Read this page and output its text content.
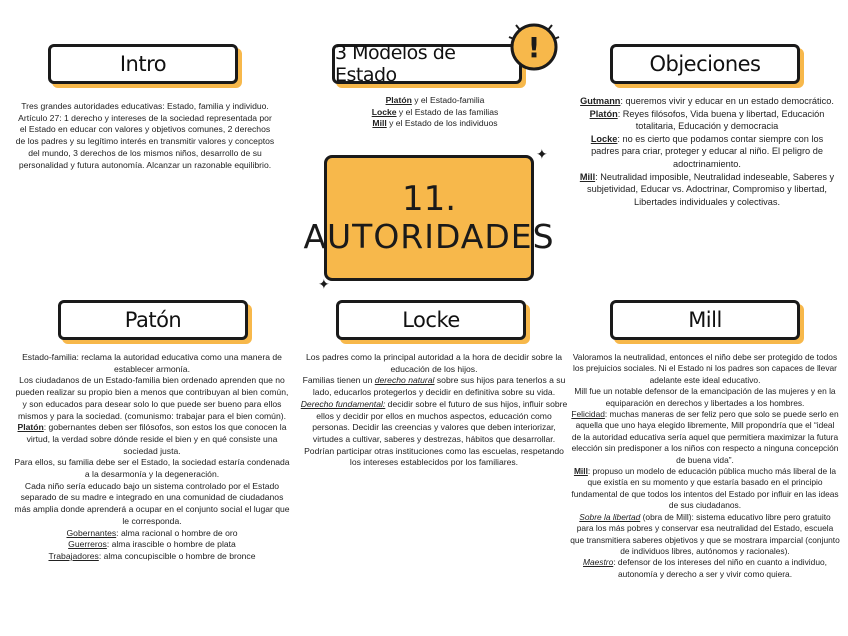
Intro

Tres grandes autoridades educativas: Estado, familia y individuo.

Artículo 27: 1 derecho y intereses de la sociedad representada por el Estado en educar con valores y objetivos comunes, 2 derechos de los padres y su legítimo interés en transmitir valores y conceptos del mundo, 3 derechos de los mismos niños, desarrollo de su personalidad y futura autonomía. Alcanzar un razonable equilibrio.

3 Modelos de Estado
!

Platón y el Estado-familia

Locke y el Estado de las familias

Mill y el Estado de los individuos

Objeciones

Gutmann: queremos vivir y educar en un estado democrático.

Platón: Reyes filósofos, Vida buena y libertad, Educación totalitaria, Educación y democracia

Locke: no es cierto que podamos contar siempre con los padres para criar, proteger y educar al niño. El peligro de adoctrinamiento.

Mill: Neutralidad imposible, Neutralidad indeseable, Saberes y subjetividad, Educar vs. Adoctrinar, Compromiso y libertad, Libertades individuales y colectivas.

11.
AUTORIDADES
✦
✦
Patón

Estado-familia: reclama la autoridad educativa como una manera de establecer armonía.

Los ciudadanos de un Estado-familia bien ordenado aprenden que no pueden realizar su propio bien a menos que contribuyan al bien común, y son educados para desear solo lo que puede ser bueno para ellos mismos y para la sociedad. (comunismo: trabajar para el bien común).

Platón: gobernantes deben ser filósofos, son estos los que conocen la virtud, la verdad sobre dónde reside el bien y en qué consiste una sociedad justa.

Para ellos, su familia debe ser el Estado, la sociedad estaría condenada a la desarmonía y la degeneración.

Cada niño sería educado bajo un sistema controlado por el Estado separado de su madre e integrado en una comunidad de ciudadanos más amplia donde aprenderá a ocupar en el conjunto social el lugar que le corresponda.

Gobernantes: alma racional o hombre de oro

Guerreros: alma irascible o hombre de plata

Trabajadores: alma concupiscible o hombre de bronce

Locke

Los padres como la principal autoridad a la hora de decidir sobre la educación de los hijos.

Familias tienen un derecho natural sobre sus hijos para tenerlos a su lado, educarlos protegerlos y decidir en definitiva sobre su vida.

Derecho fundamental: decidir sobre el futuro de sus hijos, influir sobre ellos y decidir por ellos en muchos aspectos, educación como personas. Decidir las creencias y valores que deben interiorizar, virtudes a cultivar, saberes y destrezas, hábitos que desarrollar.

Podrían participar otras instituciones como las escuelas, respetando los intereses establecidos por los familiares.

Mill

Valoramos la neutralidad, entonces el niño debe ser protegido de todos los prejuicios sociales. Ni el Estado ni los padres son capaces de llevar adelante este ideal educativo.

Mill fue un notable defensor de la emancipación de las mujeres y en la equiparación en derechos y libertades a los hombres.

Felicidad: muchas maneras de ser feliz pero que solo se puede serlo en aquella que uno haya elegido libremente, Mill propondría que el “ideal de la autoridad educativa sería aquel que permitiera maximizar la futura elección sin predisponer a los niños con respecto a ninguna concepción de buena vida”.

Mill: propuso un modelo de educación pública mucho más liberal de la que existía en su momento y que estaría basado en el principio fundamental de que todos los intentos del Estado por influir en las ideas de sus ciudadanos.

Sobre la libertad (obra de Mill): sistema educativo libre pero gratuito para los más pobres y conservar esa neutralidad del Estado, escuela que transmitiera saberes objetivos y que se mostrara imparcial (conjunto de individuos libres, autónomos y racionales).

Maestro: defensor de los intereses del niño en cuanto a individuo, autonomía y derecho a ser y vivir como quiera.
